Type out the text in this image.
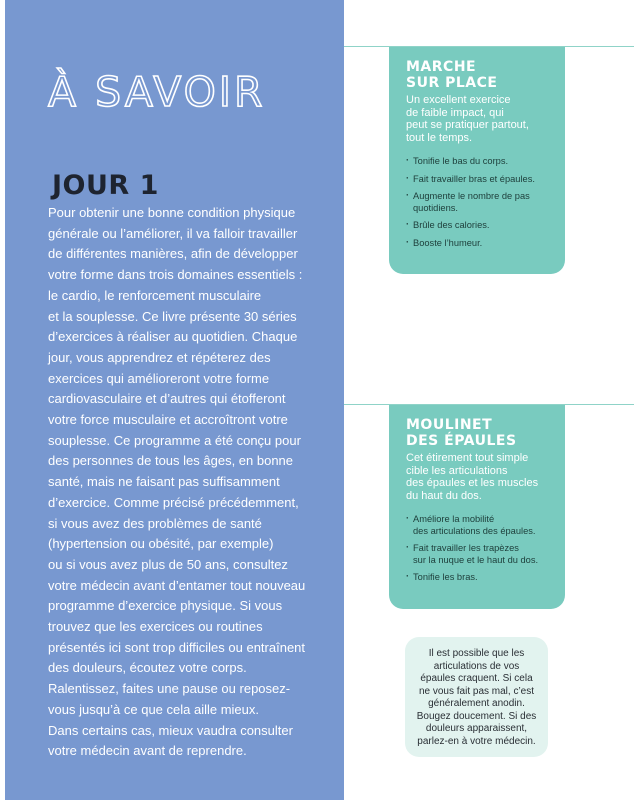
À SAVOIR
JOUR 1
Pour obtenir une bonne condition physique
générale ou l’améliorer, il va falloir travailler
de différentes manières, afin de développer
votre forme dans trois domaines essentiels :
le cardio, le renforcement musculaire
et la souplesse. Ce livre présente 30 séries
d’exercices à réaliser au quotidien. Chaque
jour, vous apprendrez et répéterez des
exercices qui amélioreront votre forme
cardiovasculaire et d’autres qui étofferont
votre force musculaire et accroîtront votre
souplesse. Ce programme a été conçu pour
des personnes de tous les âges, en bonne
santé, mais ne faisant pas suffisamment
d’exercice. Comme précisé précédemment,
si vous avez des problèmes de santé
(hypertension ou obésité, par exemple)
ou si vous avez plus de 50 ans, consultez
votre médecin avant d’entamer tout nouveau
programme d’exercice physique. Si vous
trouvez que les exercices ou routines
présentés ici sont trop difficiles ou entraînent
des douleurs, écoutez votre corps.
Ralentissez, faites une pause ou reposez-
vous jusqu’à ce que cela aille mieux.
Dans certains cas, mieux vaudra consulter
votre médecin avant de reprendre.
MARCHE
SUR PLACE
Un excellent exercice
de faible impact, qui
peut se pratiquer partout,
tout le temps.
· Tonifie le bas du corps.
· Fait travailler bras et épaules.
· Augmente le nombre de pas
quotidiens.
· Brûle des calories.
· Booste l’humeur.
MOULINET
DES ÉPAULES
Cet étirement tout simple
cible les articulations
des épaules et les muscles
du haut du dos.
· Améliore la mobilité
des articulations des épaules.
· Fait travailler les trapèzes
sur la nuque et le haut du dos.
· Tonifie les bras.
Il est possible que les
articulations de vos
épaules craquent. Si cela
ne vous fait pas mal, c’est
généralement anodin.
Bougez doucement. Si des
douleurs apparaissent,
parlez-en à votre médecin.
